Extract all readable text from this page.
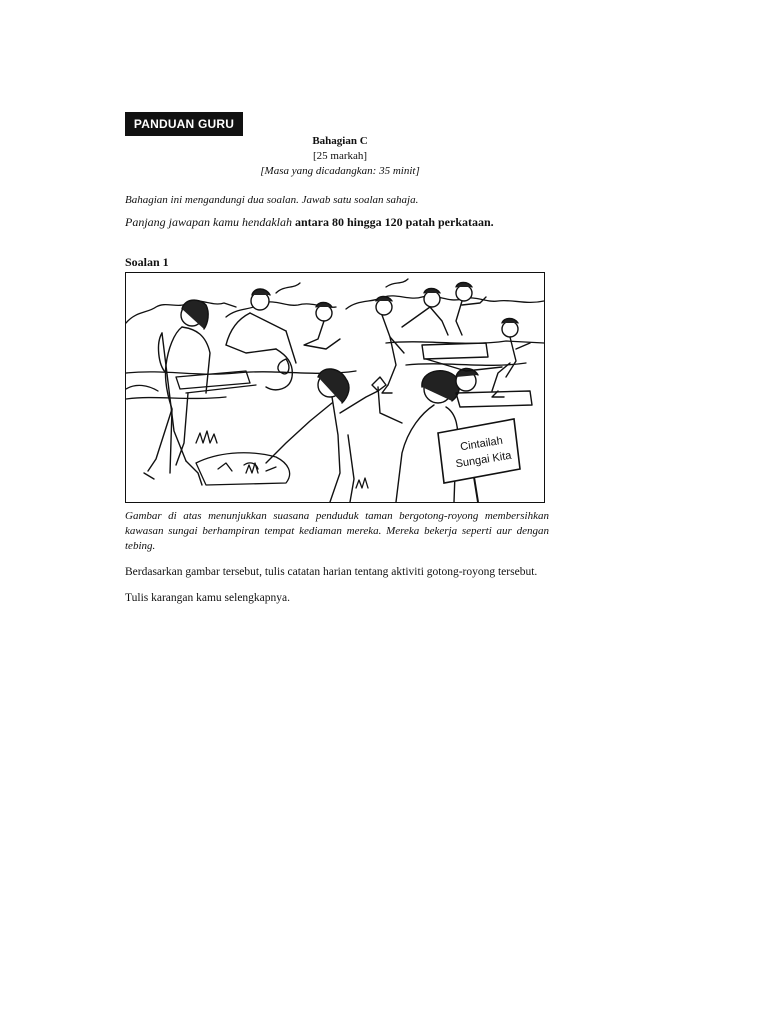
PANDUAN GURU
Bahagian C
[25 markah]
[Masa yang dicadangkan: 35 minit]
Bahagian ini mengandungi dua soalan. Jawab satu soalan sahaja.
Panjang jawapan kamu hendaklah antara 80 hingga 120 patah perkataan.
Soalan 1
Cintailah
Sungai Kita
Gambar di atas menunjukkan suasana penduduk taman bergotong-royong membersihkan kawasan sungai berhampiran tempat kediaman mereka. Mereka bekerja seperti aur dengan tebing.
Berdasarkan gambar tersebut, tulis catatan harian tentang aktiviti gotong-royong tersebut.
Tulis karangan kamu selengkapnya.
